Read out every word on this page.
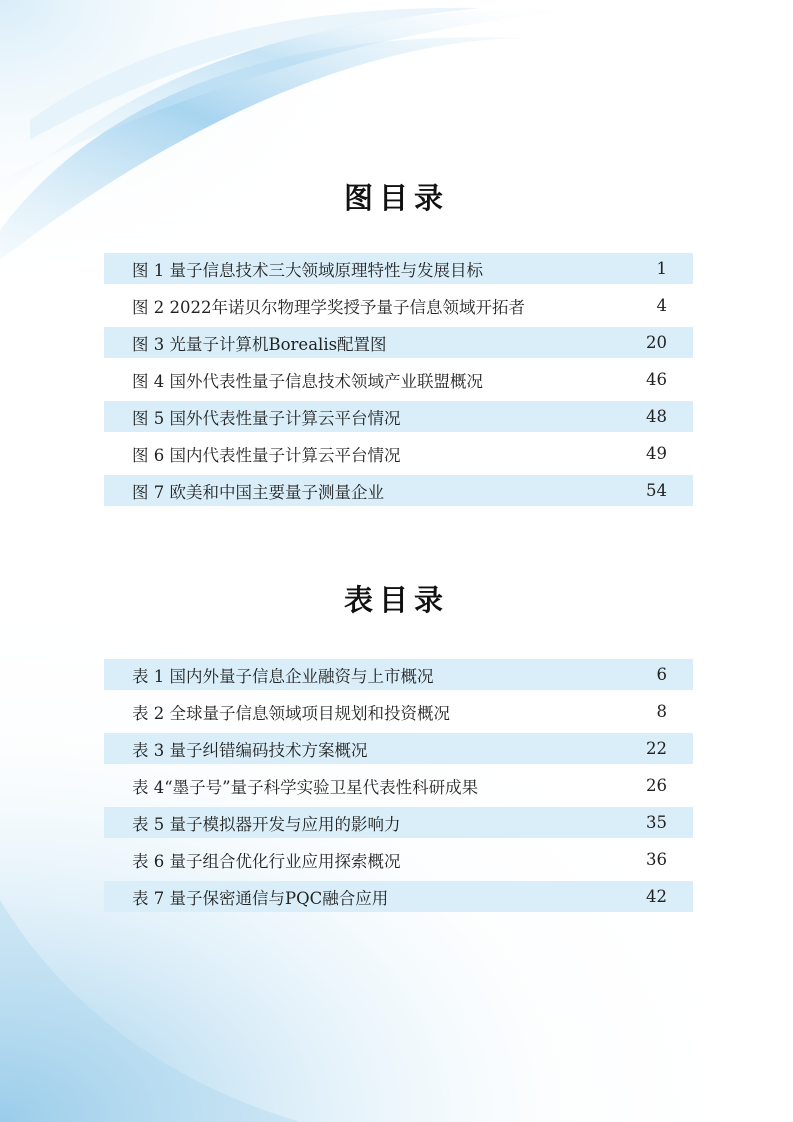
图目录
图 1 量子信息技术三大领域原理特性与发展目标	1
图 2 2022年诺贝尔物理学奖授予量子信息领域开拓者	4
图 3 光量子计算机Borealis配置图	20
图 4 国外代表性量子信息技术领域产业联盟概况	46
图 5 国外代表性量子计算云平台情况	48
图 6 国内代表性量子计算云平台情况	49
图 7 欧美和中国主要量子测量企业	54
表目录
表 1 国内外量子信息企业融资与上市概况	6
表 2 全球量子信息领域项目规划和投资概况	8
表 3 量子纠错编码技术方案概况	22
表 4“墨子号”量子科学实验卫星代表性科研成果	26
表 5 量子模拟器开发与应用的影响力	35
表 6 量子组合优化行业应用探索概况	36
表 7 量子保密通信与PQC融合应用	42
